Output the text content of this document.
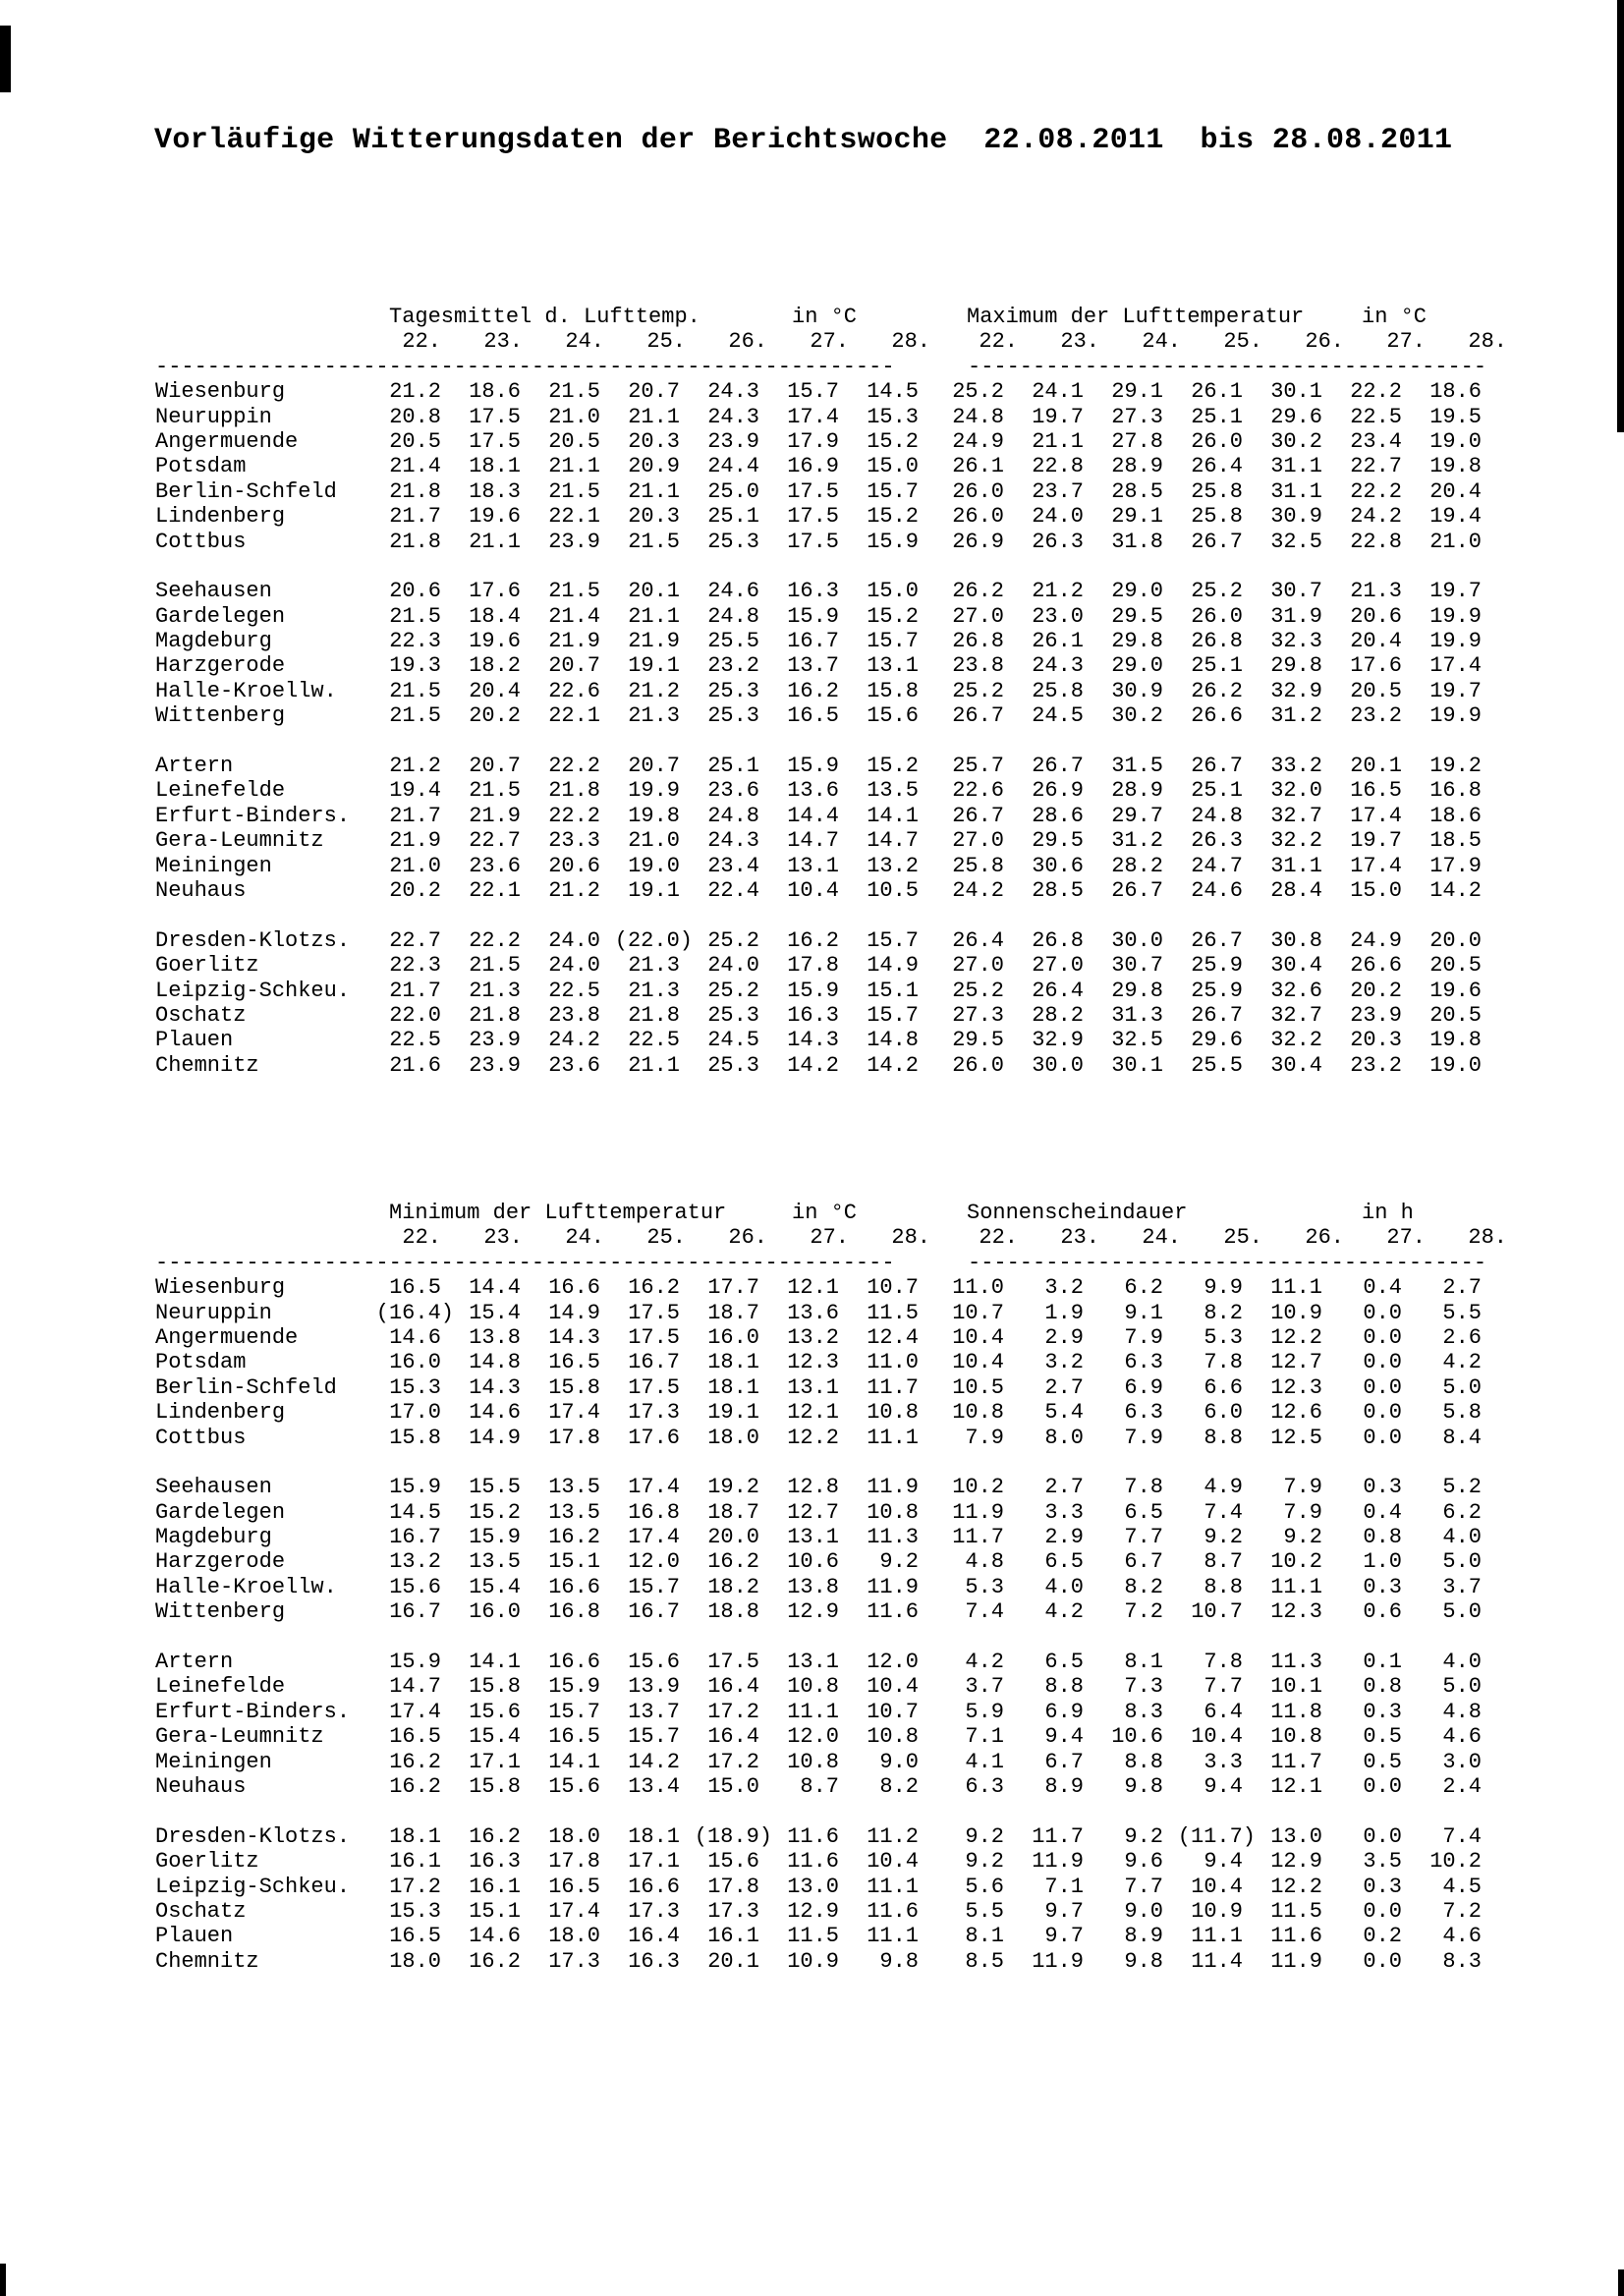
Vorläufige Witterungsdaten der Berichtswoche  22.08.2011  bis 28.08.2011
Tagesmittel d. Lufttemp.	in °C	Maximum der Lufttemperatur	in °C
22.	23.	24.	25.	26.	27.	28.	22.	23.	24.	25.	26.	27.	28.
---------------------------------------------------------	----------------------------------------
Wiesenburg	21.2	18.6	21.5	20.7	24.3	15.7	14.5	25.2	24.1	29.1	26.1	30.1	22.2	18.6
Neuruppin	20.8	17.5	21.0	21.1	24.3	17.4	15.3	24.8	19.7	27.3	25.1	29.6	22.5	19.5
Angermuende	20.5	17.5	20.5	20.3	23.9	17.9	15.2	24.9	21.1	27.8	26.0	30.2	23.4	19.0
Potsdam	21.4	18.1	21.1	20.9	24.4	16.9	15.0	26.1	22.8	28.9	26.4	31.1	22.7	19.8
Berlin-Schfeld	21.8	18.3	21.5	21.1	25.0	17.5	15.7	26.0	23.7	28.5	25.8	31.1	22.2	20.4
Lindenberg	21.7	19.6	22.1	20.3	25.1	17.5	15.2	26.0	24.0	29.1	25.8	30.9	24.2	19.4
Cottbus	21.8	21.1	23.9	21.5	25.3	17.5	15.9	26.9	26.3	31.8	26.7	32.5	22.8	21.0
Seehausen	20.6	17.6	21.5	20.1	24.6	16.3	15.0	26.2	21.2	29.0	25.2	30.7	21.3	19.7
Gardelegen	21.5	18.4	21.4	21.1	24.8	15.9	15.2	27.0	23.0	29.5	26.0	31.9	20.6	19.9
Magdeburg	22.3	19.6	21.9	21.9	25.5	16.7	15.7	26.8	26.1	29.8	26.8	32.3	20.4	19.9
Harzgerode	19.3	18.2	20.7	19.1	23.2	13.7	13.1	23.8	24.3	29.0	25.1	29.8	17.6	17.4
Halle-Kroellw.	21.5	20.4	22.6	21.2	25.3	16.2	15.8	25.2	25.8	30.9	26.2	32.9	20.5	19.7
Wittenberg	21.5	20.2	22.1	21.3	25.3	16.5	15.6	26.7	24.5	30.2	26.6	31.2	23.2	19.9
Artern	21.2	20.7	22.2	20.7	25.1	15.9	15.2	25.7	26.7	31.5	26.7	33.2	20.1	19.2
Leinefelde	19.4	21.5	21.8	19.9	23.6	13.6	13.5	22.6	26.9	28.9	25.1	32.0	16.5	16.8
Erfurt-Binders.	21.7	21.9	22.2	19.8	24.8	14.4	14.1	26.7	28.6	29.7	24.8	32.7	17.4	18.6
Gera-Leumnitz	21.9	22.7	23.3	21.0	24.3	14.7	14.7	27.0	29.5	31.2	26.3	32.2	19.7	18.5
Meiningen	21.0	23.6	20.6	19.0	23.4	13.1	13.2	25.8	30.6	28.2	24.7	31.1	17.4	17.9
Neuhaus	20.2	22.1	21.2	19.1	22.4	10.4	10.5	24.2	28.5	26.7	24.6	28.4	15.0	14.2
Dresden-Klotzs.	22.7	22.2	24.0 (22.0) 25.2	16.2	15.7	26.4	26.8	30.0	26.7	30.8	24.9	20.0
Goerlitz	22.3	21.5	24.0	21.3	24.0	17.8	14.9	27.0	27.0	30.7	25.9	30.4	26.6	20.5
Leipzig-Schkeu.	21.7	21.3	22.5	21.3	25.2	15.9	15.1	25.2	26.4	29.8	25.9	32.6	20.2	19.6
Oschatz	22.0	21.8	23.8	21.8	25.3	16.3	15.7	27.3	28.2	31.3	26.7	32.7	23.9	20.5
Plauen	22.5	23.9	24.2	22.5	24.5	14.3	14.8	29.5	32.9	32.5	29.6	32.2	20.3	19.8
Chemnitz	21.6	23.9	23.6	21.1	25.3	14.2	14.2	26.0	30.0	30.1	25.5	30.4	23.2	19.0
Minimum der Lufttemperatur	in °C	Sonnenscheindauer	in h
22.	23.	24.	25.	26.	27.	28.	22.	23.	24.	25.	26.	27.	28.
---------------------------------------------------------	----------------------------------------
Wiesenburg	16.5	14.4	16.6	16.2	17.7	12.1	10.7	11.0	3.2	6.2	9.9	11.1	0.4	2.7
Neuruppin	(16.4) 15.4	14.9	17.5	18.7	13.6	11.5	10.7	1.9	9.1	8.2	10.9	0.0	5.5
Angermuende	14.6	13.8	14.3	17.5	16.0	13.2	12.4	10.4	2.9	7.9	5.3	12.2	0.0	2.6
Potsdam	16.0	14.8	16.5	16.7	18.1	12.3	11.0	10.4	3.2	6.3	7.8	12.7	0.0	4.2
Berlin-Schfeld	15.3	14.3	15.8	17.5	18.1	13.1	11.7	10.5	2.7	6.9	6.6	12.3	0.0	5.0
Lindenberg	17.0	14.6	17.4	17.3	19.1	12.1	10.8	10.8	5.4	6.3	6.0	12.6	0.0	5.8
Cottbus	15.8	14.9	17.8	17.6	18.0	12.2	11.1	7.9	8.0	7.9	8.8	12.5	0.0	8.4
Seehausen	15.9	15.5	13.5	17.4	19.2	12.8	11.9	10.2	2.7	7.8	4.9	7.9	0.3	5.2
Gardelegen	14.5	15.2	13.5	16.8	18.7	12.7	10.8	11.9	3.3	6.5	7.4	7.9	0.4	6.2
Magdeburg	16.7	15.9	16.2	17.4	20.0	13.1	11.3	11.7	2.9	7.7	9.2	9.2	0.8	4.0
Harzgerode	13.2	13.5	15.1	12.0	16.2	10.6	9.2	4.8	6.5	6.7	8.7	10.2	1.0	5.0
Halle-Kroellw.	15.6	15.4	16.6	15.7	18.2	13.8	11.9	5.3	4.0	8.2	8.8	11.1	0.3	3.7
Wittenberg	16.7	16.0	16.8	16.7	18.8	12.9	11.6	7.4	4.2	7.2	10.7	12.3	0.6	5.0
Artern	15.9	14.1	16.6	15.6	17.5	13.1	12.0	4.2	6.5	8.1	7.8	11.3	0.1	4.0
Leinefelde	14.7	15.8	15.9	13.9	16.4	10.8	10.4	3.7	8.8	7.3	7.7	10.1	0.8	5.0
Erfurt-Binders.	17.4	15.6	15.7	13.7	17.2	11.1	10.7	5.9	6.9	8.3	6.4	11.8	0.3	4.8
Gera-Leumnitz	16.5	15.4	16.5	15.7	16.4	12.0	10.8	7.1	9.4	10.6	10.4	10.8	0.5	4.6
Meiningen	16.2	17.1	14.1	14.2	17.2	10.8	9.0	4.1	6.7	8.8	3.3	11.7	0.5	3.0
Neuhaus	16.2	15.8	15.6	13.4	15.0	8.7	8.2	6.3	8.9	9.8	9.4	12.1	0.0	2.4
Dresden-Klotzs.	18.1	16.2	18.0	18.1 (18.9) 11.6	11.2	9.2	11.7	9.2 (11.7) 13.0	0.0	7.4
Goerlitz	16.1	16.3	17.8	17.1	15.6	11.6	10.4	9.2	11.9	9.6	9.4	12.9	3.5	10.2
Leipzig-Schkeu.	17.2	16.1	16.5	16.6	17.8	13.0	11.1	5.6	7.1	7.7	10.4	12.2	0.3	4.5
Oschatz	15.3	15.1	17.4	17.3	17.3	12.9	11.6	5.5	9.7	9.0	10.9	11.5	0.0	7.2
Plauen	16.5	14.6	18.0	16.4	16.1	11.5	11.1	8.1	9.7	8.9	11.1	11.6	0.2	4.6
Chemnitz	18.0	16.2	17.3	16.3	20.1	10.9	9.8	8.5	11.9	9.8	11.4	11.9	0.0	8.3
